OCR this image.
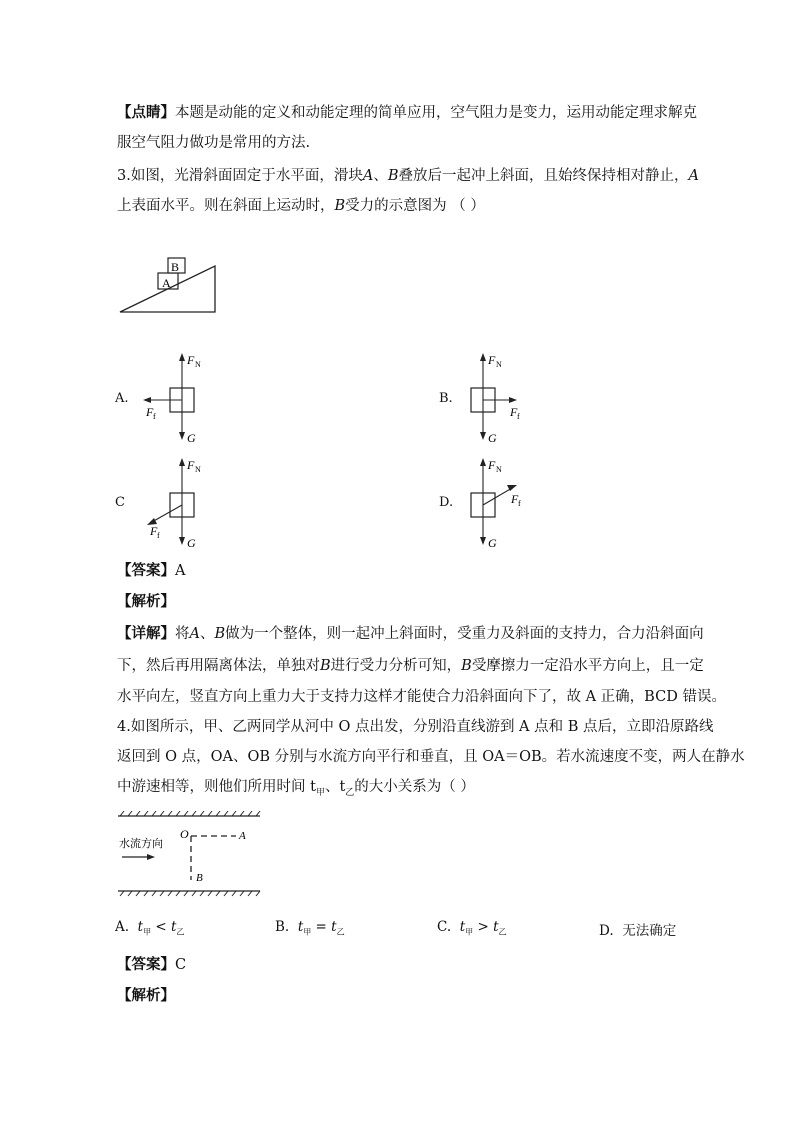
【点睛】本题是动能的定义和动能定理的简单应用，空气阻力是变力，运用动能定理求解克
服空气阻力做功是常用的方法.
3.如图，光滑斜面固定于水平面，滑块A、B叠放后一起冲上斜面，且始终保持相对静止，A
上表面水平。则在斜面上运动时，B受力的示意图为 （ ）
A
B
A.
F N
F f
G
B.
F N
F f
G
C
F N
F f
G
D.
F N
F f
G
【答案】A
【解析】
【详解】将A、B做为一个整体，则一起冲上斜面时，受重力及斜面的支持力，合力沿斜面向
下，然后再用隔离体法，单独对B进行受力分析可知，B受摩擦力一定沿水平方向上，且一定
水平向左，竖直方向上重力大于支持力这样才能使合力沿斜面向下了，故 A 正确，BCD 错误。
4.如图所示，甲、乙两同学从河中 O 点出发，分别沿直线游到 A 点和 B 点后，立即沿原路线
返回到 O 点，OA、OB 分别与水流方向平行和垂直，且 OA＝OB。若水流速度不变，两人在静水
中游速相等，则他们所用时间 $t_甲$、$t_乙$的大小关系为（ ）
水流方向
O	A
B
A. $t_甲 < t_乙$	B. $t_甲 = t_乙$	C. $t_甲 > t_乙$	D. 无法确定
【答案】C
【解析】
